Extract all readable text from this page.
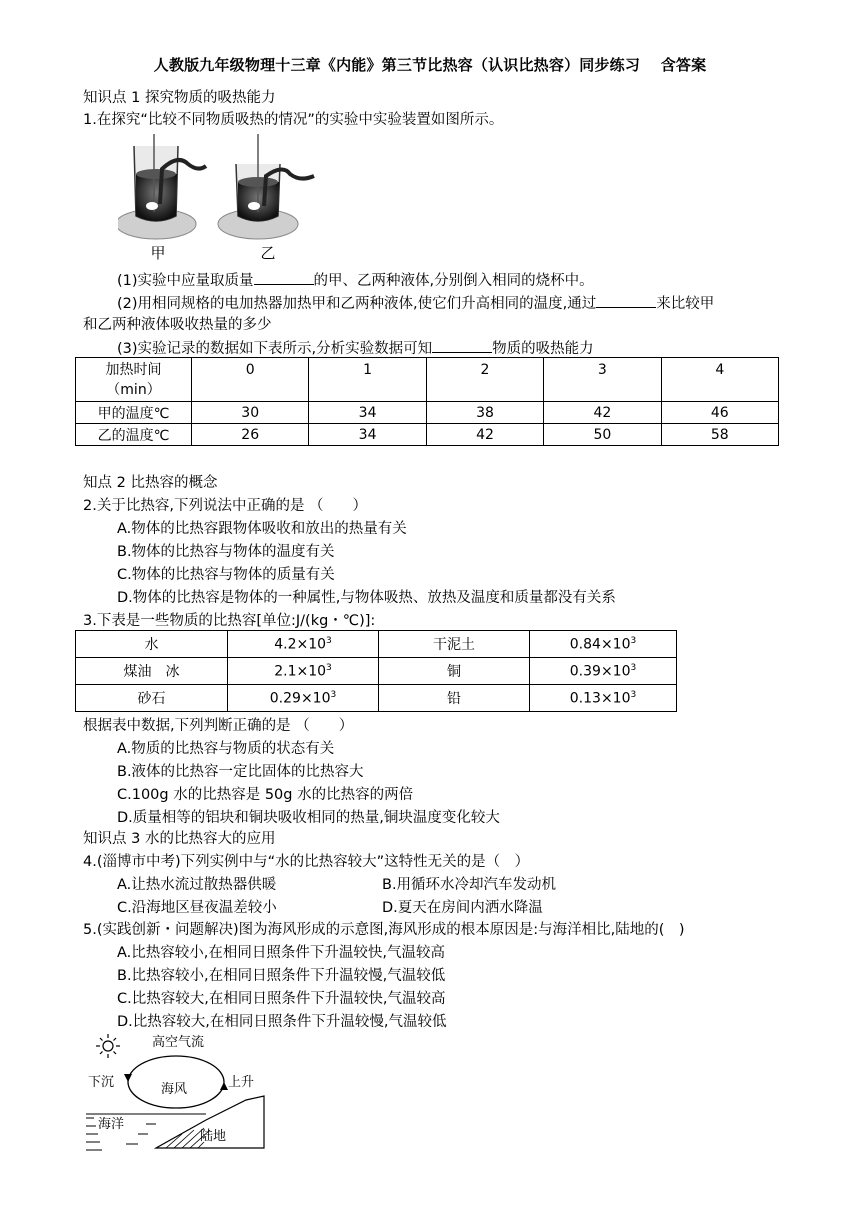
人教版九年级物理十三章《内能》第三节比热容（认识比热容）同步练习　 含答案
知识点 1 探究物质的吸热能力
1.在探究“比较不同物质吸热的情况”的实验中实验装置如图所示。
甲	乙
(1)实验中应量取质量	的甲、乙两种液体,分别倒入相同的烧杯中。
(2)用相同规格的电加热器加热甲和乙两种液体,使它们升高相同的温度,通过	来比较甲
和乙两种液体吸收热量的多少
(3)实验记录的数据如下表所示,分析实验数据可知	物质的吸热能力
加热时间
（min）	0	1	2	3	4
甲的温度℃	30	34	38	42	46
乙的温度℃	26	34	42	50	58
知点 2 比热容的概念
2.关于比热容,下列说法中正确的是 （　　）
A.物体的比热容跟物体吸收和放出的热量有关
B.物体的比热容与物体的温度有关
C.物体的比热容与物体的质量有关
D.物体的比热容是物体的一种属性,与物体吸热、放热及温度和质量都没有关系
3.下表是一些物质的比热容[单位:J/(kg・℃)]:
水	$4.2\times 10^3$	干泥土	$0.84\times 10^3$
煤油　冰	$2.1\times 10^3$	铜	$0.39\times 10^3$
砂石	$0.29\times 10^3$	铅	$0.13\times 10^3$
根据表中数据,下列判断正确的是 （　　）
A.物质的比热容与物质的状态有关
B.液体的比热容一定比固体的比热容大
C.100g 水的比热容是 50g 水的比热容的两倍
D.质量相等的铝块和铜块吸收相同的热量,铜块温度变化较大
知识点 3 水的比热容大的应用
4.(淄博市中考)下列实例中与“水的比热容较大”这特性无关的是（　）
A.让热水流过散热器供暖	B.用循环水冷却汽车发动机
C.沿海地区昼夜温差较小	D.夏天在房间内洒水降温
5.(实践创新・问题解决)图为海风形成的示意图,海风形成的根本原因是:与海洋相比,陆地的(　)
A.比热容较小,在相同日照条件下升温较快,气温较高
B.比热容较小,在相同日照条件下升温较慢,气温较低
C.比热容较大,在相同日照条件下升温较快,气温较高
D.比热容较大,在相同日照条件下升温较慢,气温较低
高空气流
下沉	上升
海风
陆地
海洋
